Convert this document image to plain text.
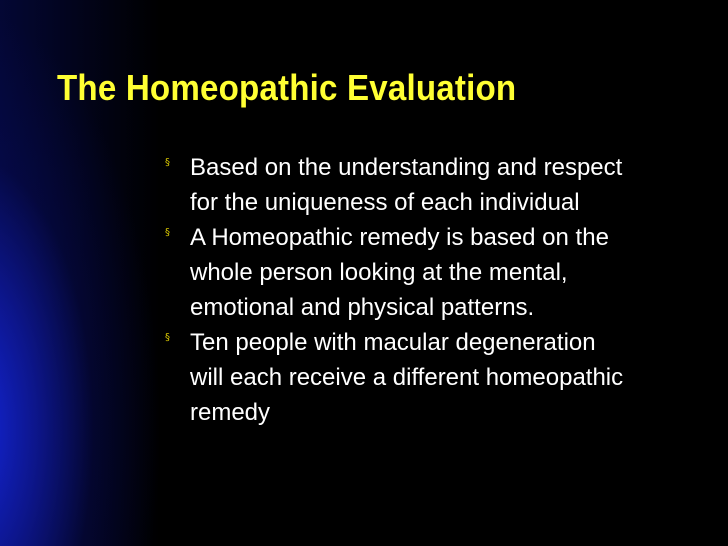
The Homeopathic Evaluation
§ Based on the understanding and respect for the uniqueness of each individual
§ A Homeopathic remedy is based on the whole person looking at the mental, emotional and physical patterns.
§ Ten people with macular degeneration will each receive a different homeopathic remedy
